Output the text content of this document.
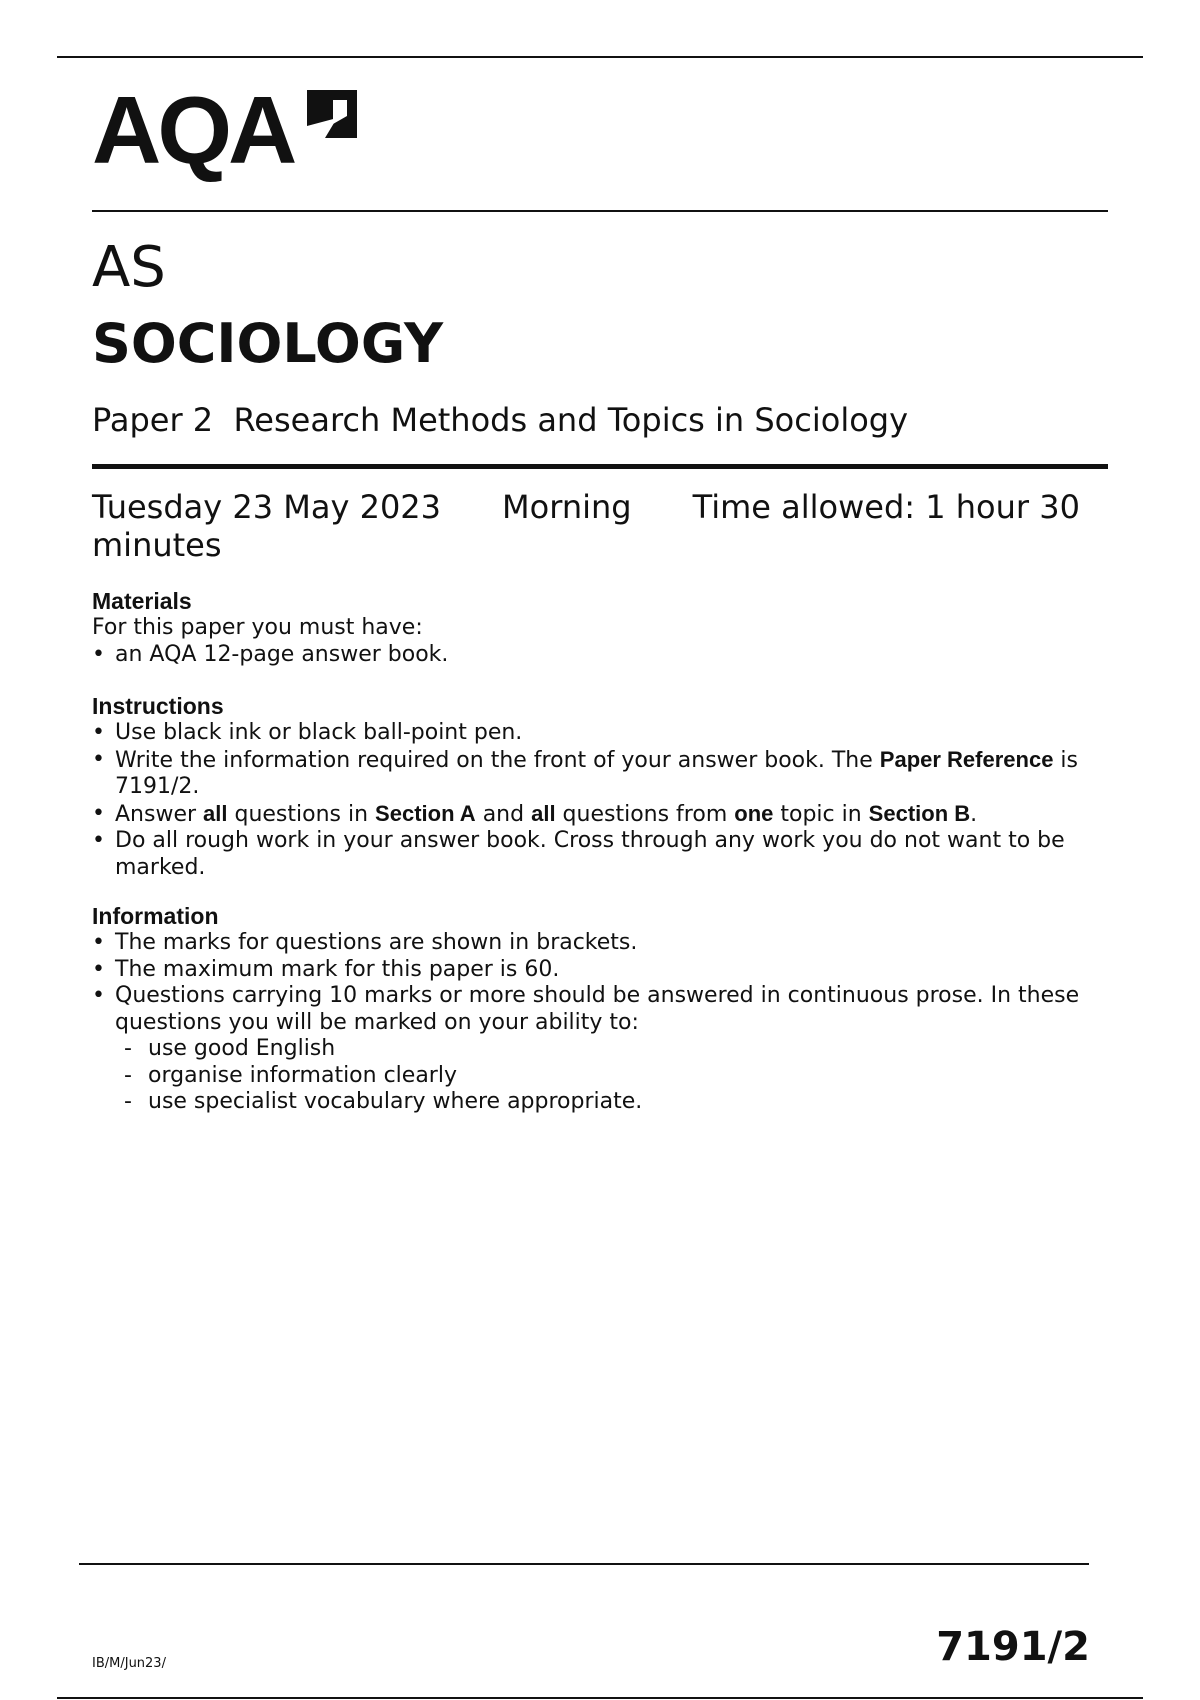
AQA
AS
SOCIOLOGY
Paper 2 Research Methods and Topics in Sociology
Tuesday 23 May 2023 Morning Time allowed: 1 hour 30 minutes
Materials

For this paper you must have:

• an AQA 12-page answer book.
Instructions
• Use black ink or black ball-point pen.
• Write the information required on the front of your answer book. The Paper Reference is 7191/2.
• Answer all questions in Section A and all questions from one topic in Section B.
• Do all rough work in your answer book. Cross through any work you do not want to be marked.
Information
• The marks for questions are shown in brackets.
• The maximum mark for this paper is 60.
• Questions carrying 10 marks or more should be answered in continuous prose. In these questions you will be marked on your ability to:
- use good English
- organise information clearly
- use specialist vocabulary where appropriate.
IB/M/Jun23/	7191/2
